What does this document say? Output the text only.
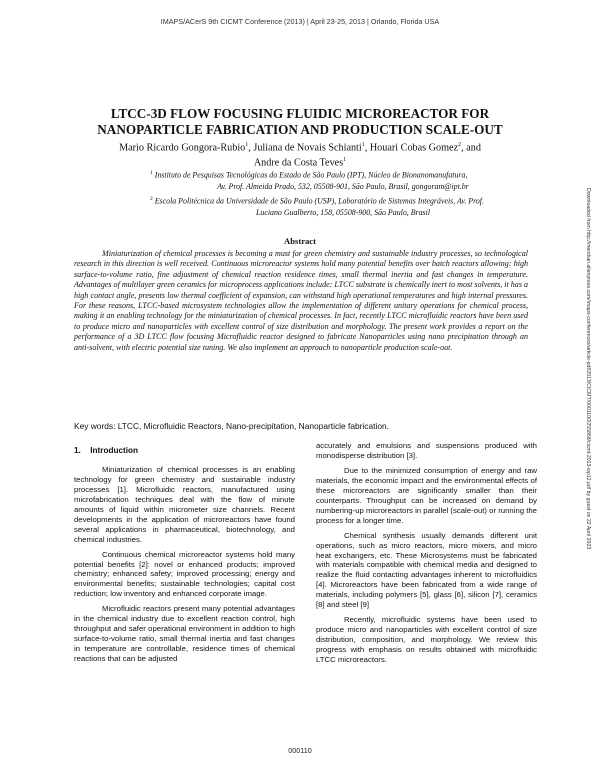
IMAPS/ACerS 9th CICMT Conference (2013) | April 23-25, 2013 | Orlando, Florida USA
LTCC-3D FLOW FOCUSING FLUIDIC MICROREACTOR FOR
NANOPARTICLE FABRICATION AND PRODUCTION SCALE-OUT
Mario Ricardo Gongora-Rubio$^1$, Juliana de Novais Schianti$^1$, Houari Cobas Gomez$^2$, and
Andre da Costa Teves$^1$
$^1$ Instituto de Pesquisas Tecnológicas do Estado de São Paulo (IPT), Núcleo de Bionanomanufatura,
Av. Prof. Almeida Prado, 532, 05508-901, São Paulo, Brasil, gongoram@ipt.br
$^2$ Escola Politécnica da Universidade de São Paulo (USP), Laboratório de Sistemas Integráveis, Av. Prof.
Luciano Gualberto, 158, 05508-900, São Paulo, Brasil
Abstract
Miniaturization of chemical processes is becoming a must for green chemistry and sustainable industry processes, so technological research in this direction is well received. Continuous microreactor systems hold many potential benefits over batch reactors allowing: high surface-to-volume ratio, fine adjustment of chemical reaction residence times, small thermal inertia and fast changes in temperature. Advantages of multilayer green ceramics for microprocess applications include: LTCC substrate is chemically inert to most solvents, it has a high contact angle, presents low thermal coefficient of expansion, can withstand high operational temperatures and high internal pressures. For these reasons, LTCC-based microsystem technologies allow the implementation of different unitary operations for chemical process, making it an enabling technology for the miniaturization of chemical processes. In fact, recently LTCC microfluidic reactors have been used to produce micro and nanoparticles with excellent control of size distribution and morphology. The present work provides a report on the performance of a 3D LTCC flow focusing Microfluidic reactor designed to fabricate Nanoparticles using nano precipitation through an anti-solvent, with electric potential size tuning. We also implement an approach to nanoparticle production scale-out.
Key words: LTCC, Microfluidic Reactors, Nano-precipitation, Nanoparticle fabrication.
1. Introduction

Miniaturization of chemical processes is an enabling technology for green chemistry and sustainable industry processes [1]. Microfluidic reactors, manufactured using microfabrication techniques deal with the flow of minute amounts of liquid within micrometer size channels. Recent developments in the application of microreactors have found several applications in pharmaceutical, biotechnology, and chemical industries.

Continuous chemical microreactor systems hold many potential benefits [2]: novel or enhanced products; improved chemistry; enhanced safety; improved processing; energy and environmental benefits; sustainable technologies; capital cost reduction; low inventory and enhanced corporate image.

Microfluidic reactors present many potential advantages in the chemical industry due to excellent reaction control, high throughput and safer operational environment in addition to high surface-to-volume ratio, small thermal inertia and fast changes in temperature are controllable, residence times of chemical reactions that can be adjusted

accurately and emulsions and suspensions produced with monodisperse distribution [3].

Due to the minimized consumption of energy and raw materials, the economic impact and the environmental effects of these microreactors are significantly smaller than their counterparts. Throughput can be increased on demand by numbering-up microreactors in parallel (scale-out) or running the process for a longer time.

Chemical synthesis usually demands different unit operations, such as micro reactors, micro mixers, and micro heat exchangers, etc. These Microsystems must be fabricated with materials compatible with chemical media and designed to realize the fluid contacting advantages inherent to microfluidics [4]. Microreactors have been fabricated from a wide range of materials, including polymers [5], glass [6], silicon [7], ceramics [8] and steel [9]

Recently, microfluidic systems have been used to produce micro and nanoparticles with excellent control of size distribution, composition, and morphology. We review this progress with emphasis on results obtained with microfluidic LTCC microreactors.

Downloaded from http://meridian.allenpress.com/imaps-conferences/article-pdf/2013/CICMT/000110/2255868/cicmt-2013-wp12.pdf by guest on 22 April 2023
000110
